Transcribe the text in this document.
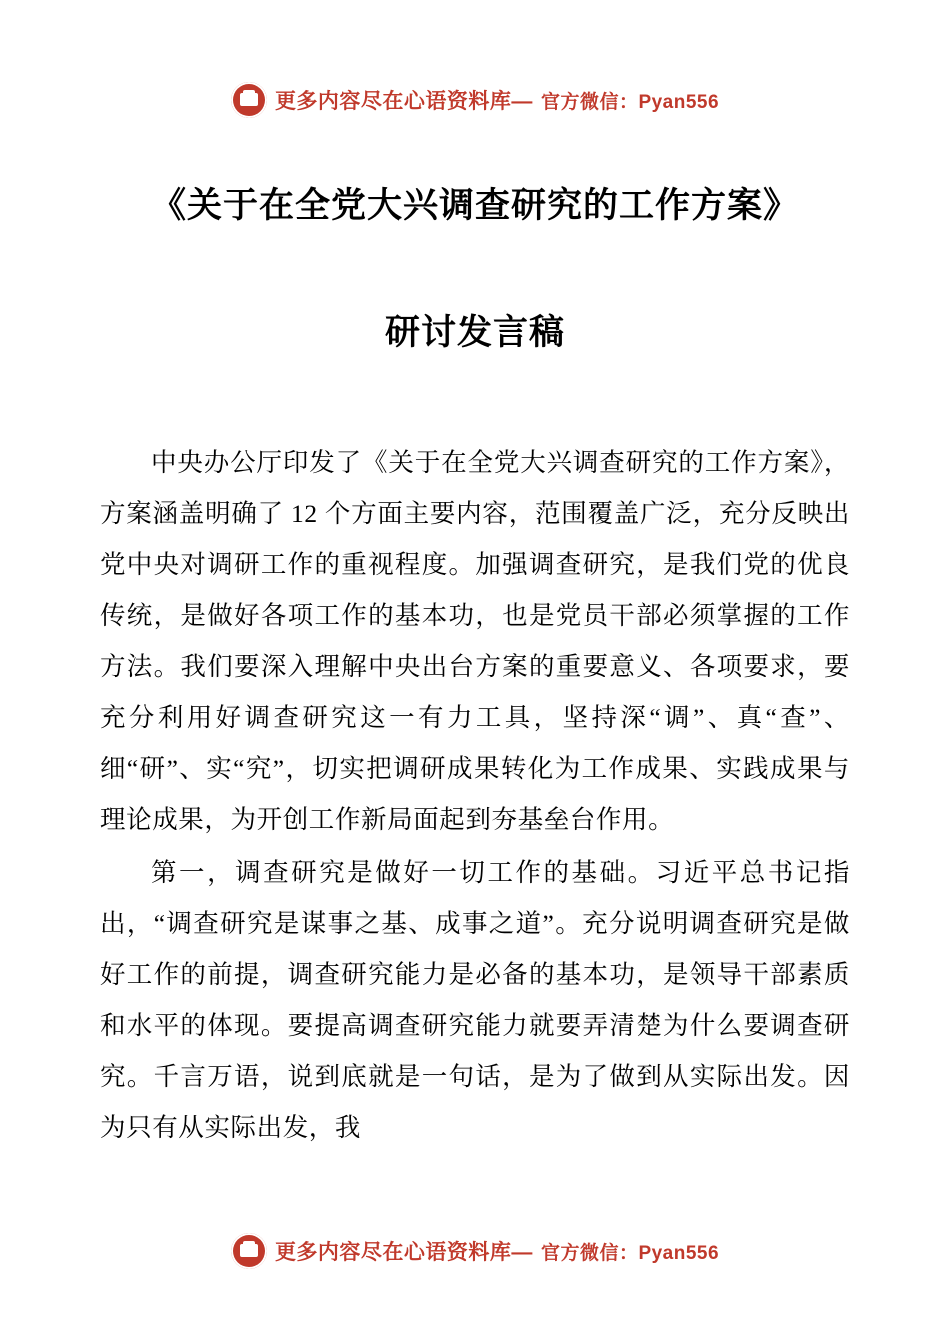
更多内容尽在心语资料库— 官方微信：Pyan556
《关于在全党大兴调查研究的工作方案》
研讨发言稿

中央办公厅印发了《关于在全党大兴调查研究的工作方案》，方案涵盖明确了 12 个方面主要内容，范围覆盖广泛，充分反映出党中央对调研工作的重视程度。加强调查研究，是我们党的优良传统，是做好各项工作的基本功，也是党员干部必须掌握的工作方法。我们要深入理解中央出台方案的重要意义、各项要求，要充分利用好调查研究这一有力工具，坚持深“调”、真“查”、细“研”、实“究”，切实把调研成果转化为工作成果、实践成果与理论成果，为开创工作新局面起到夯基垒台作用。

第一，调查研究是做好一切工作的基础。习近平总书记指出，“调查研究是谋事之基、成事之道”。充分说明调查研究是做好工作的前提，调查研究能力是必备的基本功，是领导干部素质和水平的体现。要提高调查研究能力就要弄清楚为什么要调查研究。千言万语，说到底就是一句话，是为了做到从实际出发。因为只有从实际出发，我

更多内容尽在心语资料库— 官方微信：Pyan556
